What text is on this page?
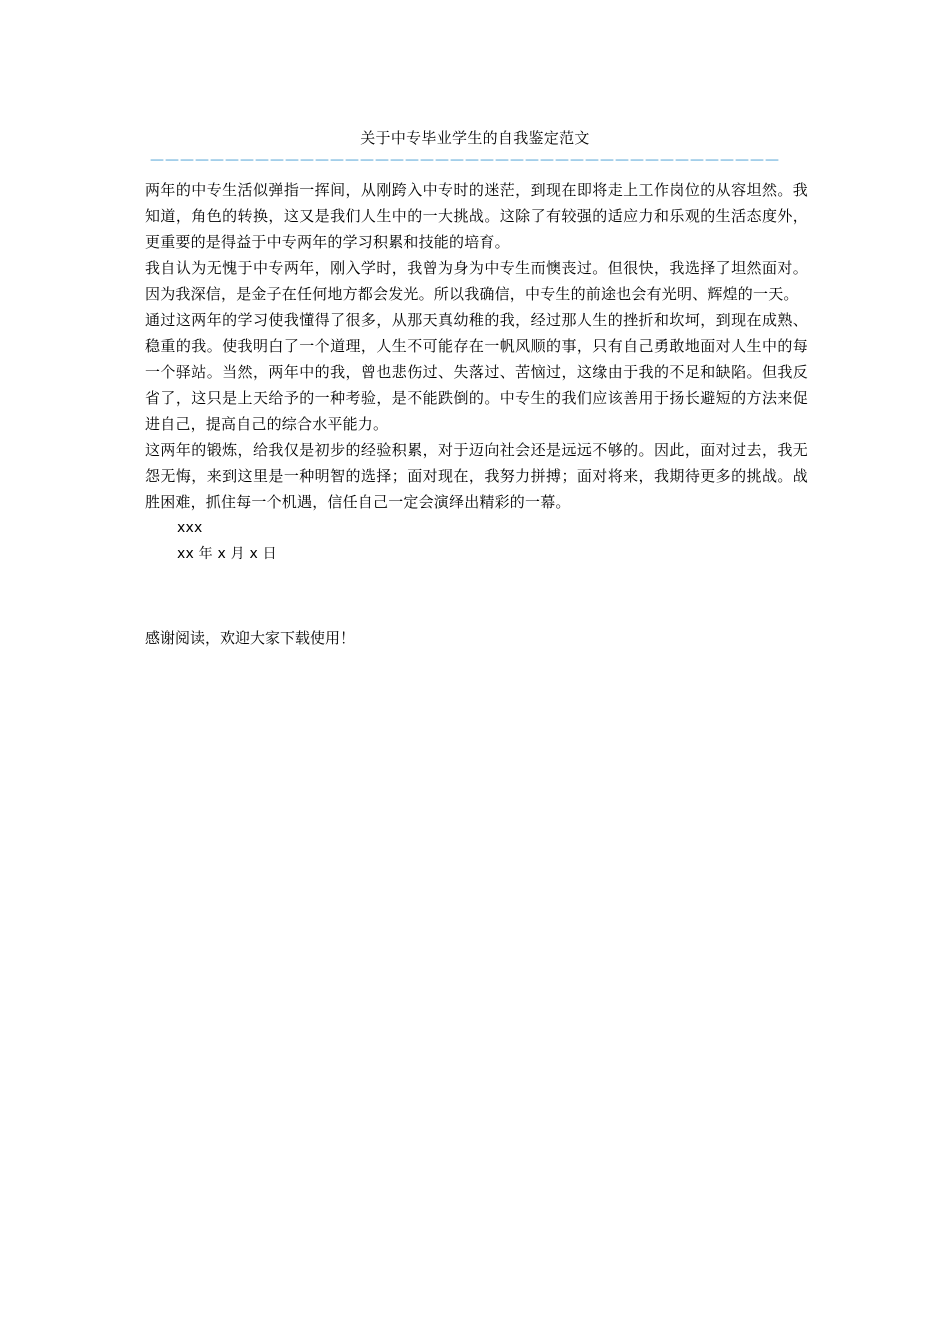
关于中专毕业学生的自我鉴定范文
——————————————————————————————————————————

两年的中专生活似弹指一挥间，从刚跨入中专时的迷茫，到现在即将走上工作岗位的从容坦然。我知道，角色的转换，这又是我们人生中的一大挑战。这除了有较强的适应力和乐观的生活态度外，更重要的是得益于中专两年的学习积累和技能的培育。

我自认为无愧于中专两年，刚入学时，我曾为身为中专生而懊丧过。但很快，我选择了坦然面对。因为我深信，是金子在任何地方都会发光。所以我确信，中专生的前途也会有光明、辉煌的一天。

通过这两年的学习使我懂得了很多，从那天真幼稚的我，经过那人生的挫折和坎坷，到现在成熟、稳重的我。使我明白了一个道理，人生不可能存在一帆风顺的事，只有自己勇敢地面对人生中的每一个驿站。当然，两年中的我，曾也悲伤过、失落过、苦恼过，这缘由于我的不足和缺陷。但我反省了，这只是上天给予的一种考验，是不能跌倒的。中专生的我们应该善用于扬长避短的方法来促进自己，提高自己的综合水平能力。

这两年的锻炼，给我仅是初步的经验积累，对于迈向社会还是远远不够的。因此，面对过去，我无怨无悔，来到这里是一种明智的选择；面对现在，我努力拼搏；面对将来，我期待更多的挑战。战胜困难，抓住每一个机遇，信任自己一定会演绎出精彩的一幕。

xxx

xx 年 x 月 x 日

感谢阅读，欢迎大家下载使用！
